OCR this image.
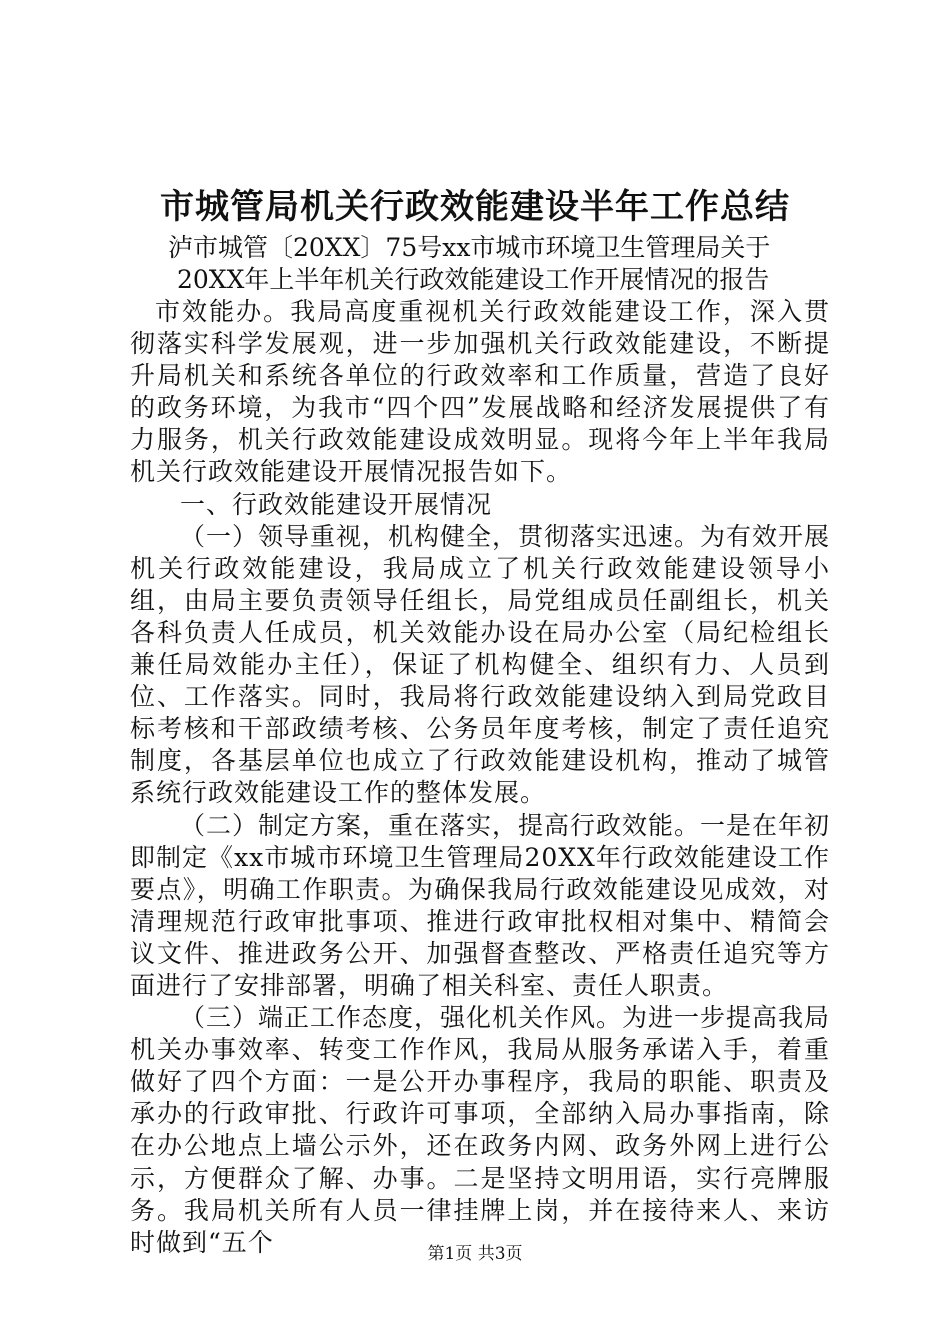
市城管局机关行政效能建设半年工作总结
泸市城管〔20XX〕75号xx市城市环境卫生管理局关于
20XX年上半年机关行政效能建设工作开展情况的报告

市效能办。我局高度重视机关行政效能建设工作，深入贯彻落实科学发展观，进一步加强机关行政效能建设，不断提升局机关和系统各单位的行政效率和工作质量，营造了良好的政务环境，为我市“四个四”发展战略和经济发展提供了有力服务，机关行政效能建设成效明显。现将今年上半年我局机关行政效能建设开展情况报告如下。

一、行政效能建设开展情况

（一）领导重视，机构健全，贯彻落实迅速。为有效开展机关行政效能建设，我局成立了机关行政效能建设领导小组，由局主要负责领导任组长，局党组成员任副组长，机关各科负责人任成员，机关效能办设在局办公室（局纪检组长兼任局效能办主任），保证了机构健全、组织有力、人员到位、工作落实。同时，我局将行政效能建设纳入到局党政目标考核和干部政绩考核、公务员年度考核，制定了责任追究制度，各基层单位也成立了行政效能建设机构，推动了城管系统行政效能建设工作的整体发展。

（二）制定方案，重在落实，提高行政效能。一是在年初即制定《xx市城市环境卫生管理局20XX年行政效能建设工作要点》，明确工作职责。为确保我局行政效能建设见成效，对清理规范行政审批事项、推进行政审批权相对集中、精简会议文件、推进政务公开、加强督查整改、严格责任追究等方面进行了安排部署，明确了相关科室、责任人职责。

（三）端正工作态度，强化机关作风。为进一步提高我局机关办事效率、转变工作作风，我局从服务承诺入手，着重做好了四个方面：一是公开办事程序，我局的职能、职责及承办的行政审批、行政许可事项，全部纳入局办事指南，除在办公地点上墙公示外，还在政务内网、政务外网上进行公示，方便群众了解、办事。二是坚持文明用语，实行亮牌服务。我局机关所有人员一律挂牌上岗，并在接待来人、来访时做到“五个	第1页 共3页
